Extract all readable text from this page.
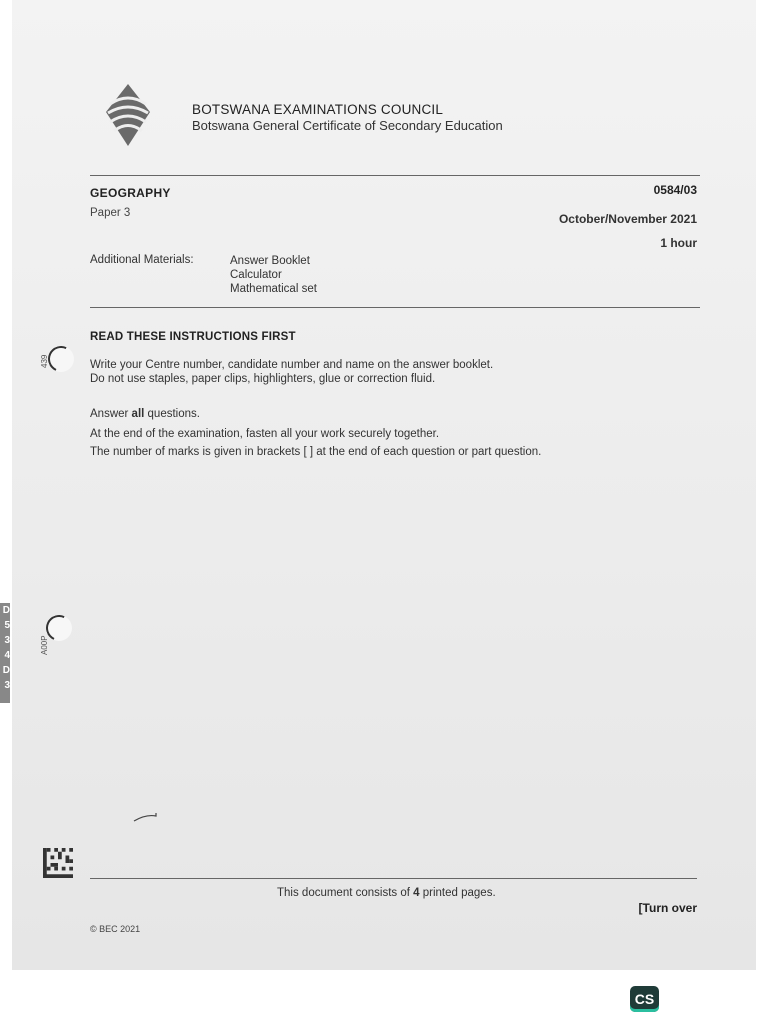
BOTSWANA EXAMINATIONS COUNCIL
Botswana General Certificate of Secondary Education
GEOGRAPHY
Paper 3
0584/03
October/November 2021
1 hour
Additional Materials:	Answer Booklet
Calculator
Mathematical set
READ THESE INSTRUCTIONS FIRST
Write your Centre number, candidate number and name on the answer booklet.
Do not use staples, paper clips, highlighters, glue or correction fluid.
Answer all questions.
At the end of the examination, fasten all your work securely together.
The number of marks is given in brackets [ ] at the end of each question or part question.
439
A00P
This document consists of 4 printed pages.
[Turn over
© BEC 2021
D
5
3
4
D
3
CS
